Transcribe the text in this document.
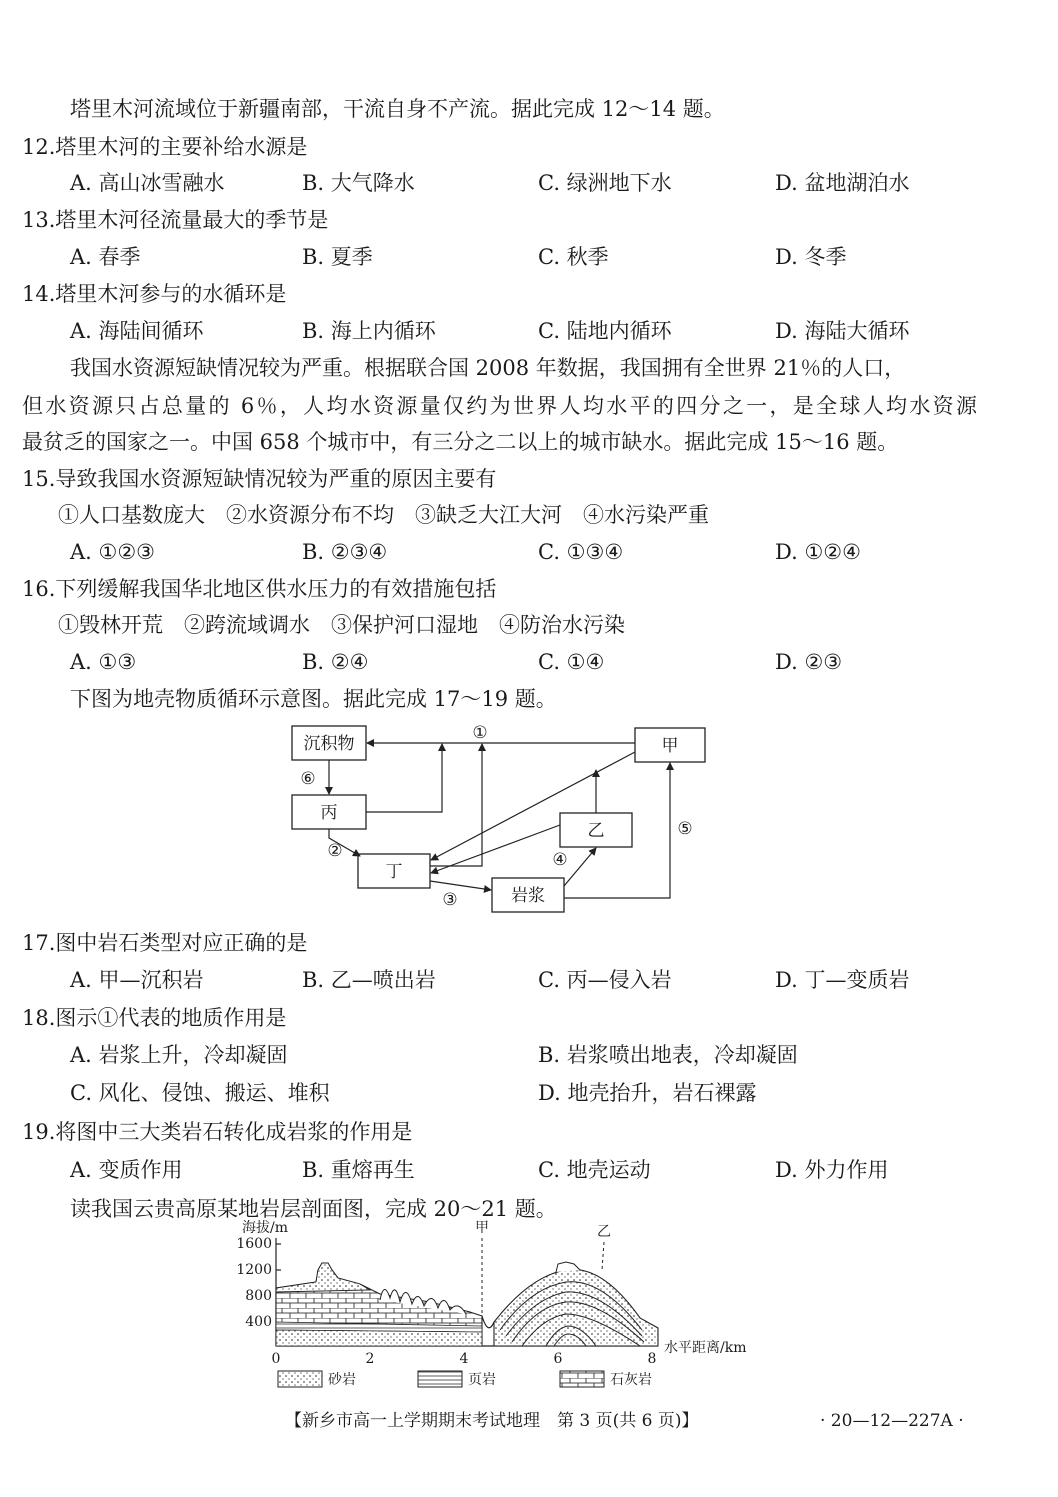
塔里木河流域位于新疆南部，干流自身不产流。据此完成 12～14 题。
12.塔里木河的主要补给水源是
A. 高山冰雪融水	B. 大气降水	C. 绿洲地下水	D. 盆地湖泊水
13.塔里木河径流量最大的季节是
A. 春季	B. 夏季	C. 秋季	D. 冬季
14.塔里木河参与的水循环是
A. 海陆间循环	B. 海上内循环	C. 陆地内循环	D. 海陆大循环
我国水资源短缺情况较为严重。根据联合国 2008 年数据，我国拥有全世界 21％的人口，
但水资源只占总量的 6％，人均水资源量仅约为世界人均水平的四分之一，是全球人均水资源
最贫乏的国家之一。中国 658 个城市中，有三分之二以上的城市缺水。据此完成 15～16 题。
15.导致我国水资源短缺情况较为严重的原因主要有
①人口基数庞大　②水资源分布不均　③缺乏大江大河　④水污染严重
A. ①②③	B. ②③④	C. ①③④	D. ①②④
16.下列缓解我国华北地区供水压力的有效措施包括
①毁林开荒　②跨流域调水　③保护河口湿地　④防治水污染
A. ①③	B. ②④	C. ①④	D. ②③
下图为地壳物质循环示意图。据此完成 17～19 题。
沉积物	甲
丙
乙
丁
岩浆
①
⑥
②
③
④
⑤
17.图中岩石类型对应正确的是
A. 甲—沉积岩	B. 乙—喷出岩	C. 丙—侵入岩	D. 丁—变质岩
18.图示①代表的地质作用是
A. 岩浆上升，冷却凝固	B. 岩浆喷出地表，冷却凝固
C. 风化、侵蚀、搬运、堆积	D. 地壳抬升，岩石裸露
19.将图中三大类岩石转化成岩浆的作用是
A. 变质作用	B. 重熔再生	C. 地壳运动	D. 外力作用
读我国云贵高原某地岩层剖面图，完成 20～21 题。
海拔/m
1600
1200
800
400
甲	乙
0	2	4	6	8
水平距离/km
砂岩	页岩	石灰岩
【新乡市高一上学期期末考试地理　第 3 页(共 6 页)】	· 20—12—227A ·
